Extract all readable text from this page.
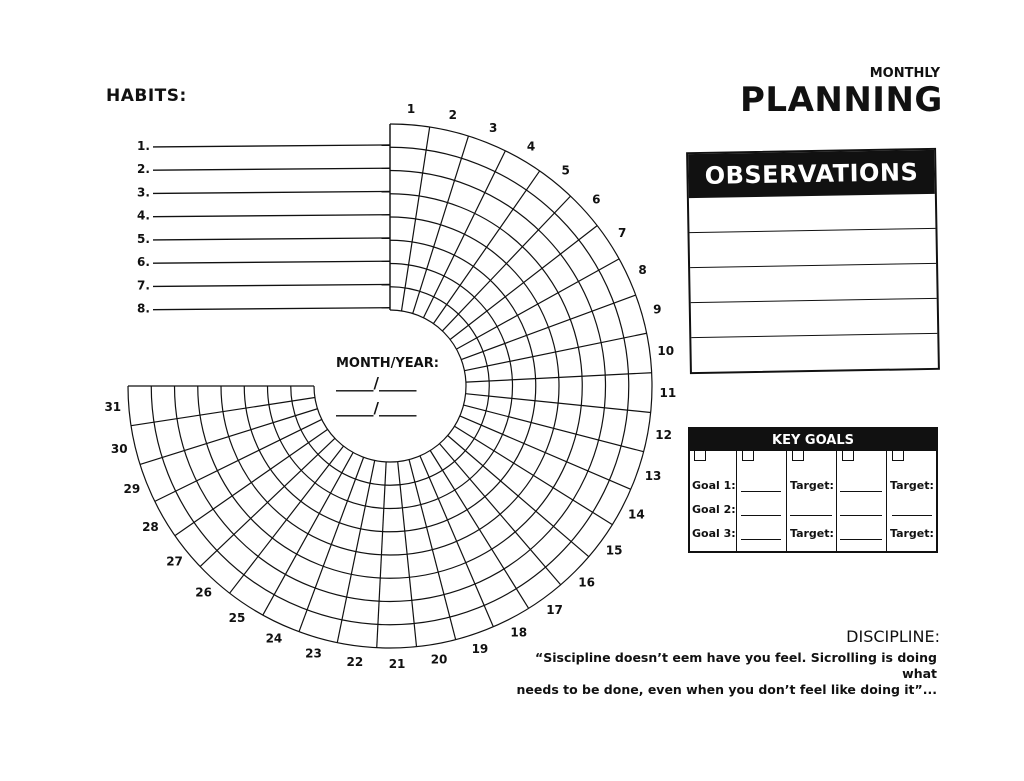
1	2
3
4
5
6
7
8
9
10
11
12
13
14
15
16
17
18
19
20
21
22
23
24
25
26
27
28
29
30
31
1.
2.
3.
4.
5.
6.
7.
8.
HABITS:
MONTHLY
PLANNING
MONTH/YEAR:
_____/_____
_____/_____
OBSERVATIONS
KEY GOALS
Goal 1:
Goal 2:
Goal 3:
Target:
Target:
Target:
Target:
DISCIPLINE:
“Siscipline doesn’t eem have you feel. Sicrolling is doing what
needs to be done, even when you don’t feel like doing it”...
